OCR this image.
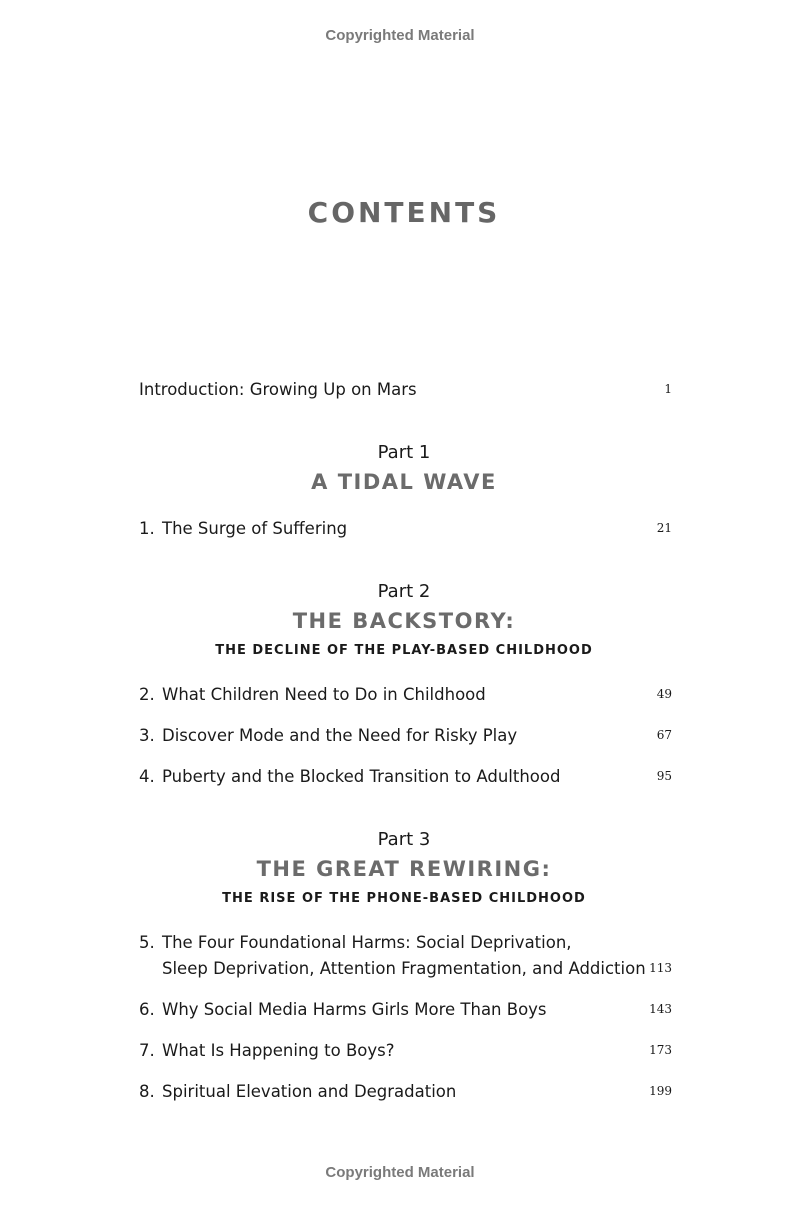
Copyrighted Material
CONTENTS
Introduction: Growing Up on Mars	1
Part 1
A TIDAL WAVE
1. The Surge of Suffering	21
Part 2
THE BACKSTORY:
THE DECLINE OF THE PLAY-BASED CHILDHOOD
2. What Children Need to Do in Childhood	49
3. Discover Mode and the Need for Risky Play	67
4. Puberty and the Blocked Transition to Adulthood	95
Part 3
THE GREAT REWIRING:
THE RISE OF THE PHONE-BASED CHILDHOOD
5. The Four Foundational Harms: Social Deprivation,
Sleep Deprivation, Attention Fragmentation, and Addiction 113
6. Why Social Media Harms Girls More Than Boys	143
7. What Is Happening to Boys?	173
8. Spiritual Elevation and Degradation	199
Copyrighted Material
